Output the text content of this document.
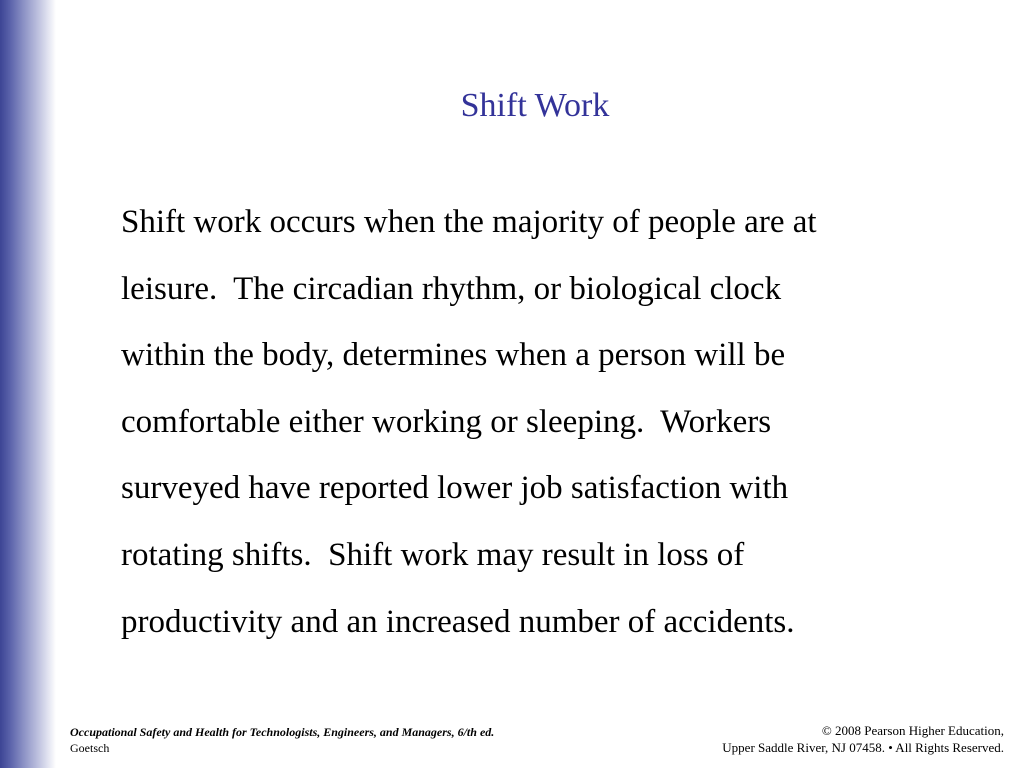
Shift Work
Shift work occurs when the majority of people are at
leisure.  The circadian rhythm, or biological clock
within the body, determines when a person will be
comfortable either working or sleeping.  Workers
surveyed have reported lower job satisfaction with
rotating shifts.  Shift work may result in loss of
productivity and an increased number of accidents.
Occupational Safety and Health for Technologists, Engineers, and Managers, 6/th ed.
Goetsch
© 2008 Pearson Higher Education,
Upper Saddle River, NJ 07458. • All Rights Reserved.
